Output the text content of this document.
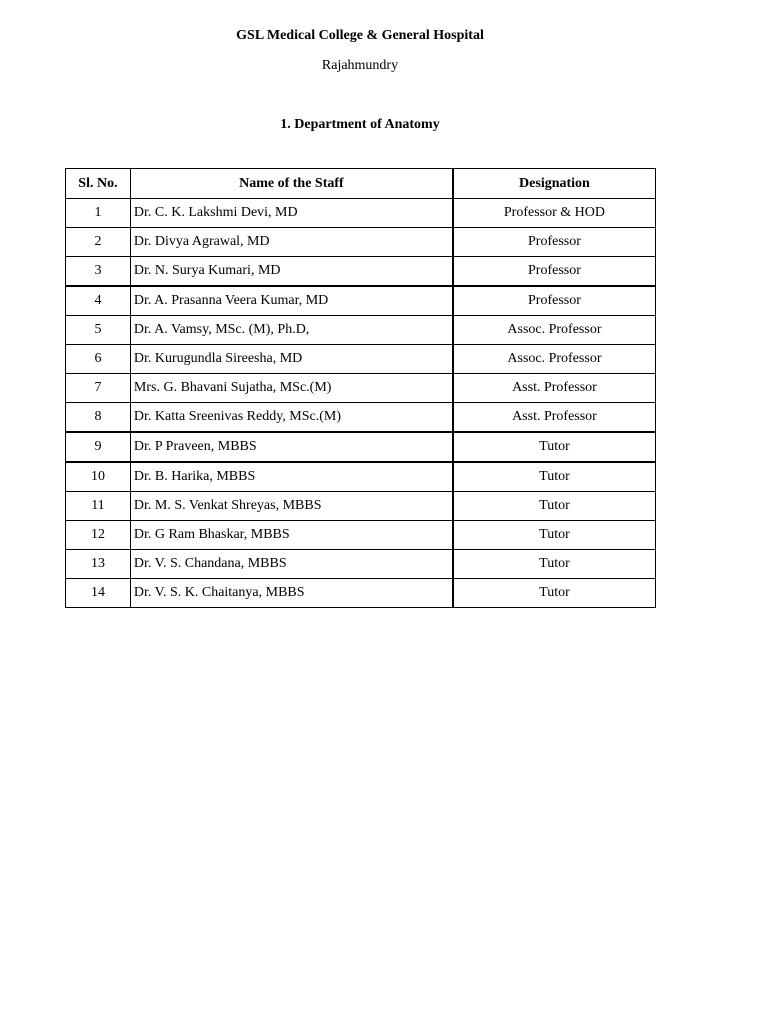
GSL Medical College & General Hospital
Rajahmundry
1. Department of Anatomy
Sl. No.	Name of the Staff	Designation
1	Dr. C. K. Lakshmi Devi, MD	Professor & HOD
2	Dr. Divya Agrawal, MD	Professor
3	Dr. N. Surya Kumari, MD	Professor
4	Dr. A. Prasanna Veera Kumar, MD	Professor
5	Dr. A. Vamsy, MSc. (M), Ph.D,	Assoc. Professor
6	Dr. Kurugundla Sireesha, MD	Assoc. Professor
7	Mrs. G. Bhavani Sujatha, MSc.(M)	Asst. Professor
8	Dr. Katta Sreenivas Reddy, MSc.(M)	Asst. Professor
9	Dr. P Praveen, MBBS	Tutor
10	Dr. B. Harika, MBBS	Tutor
11	Dr. M. S. Venkat Shreyas, MBBS	Tutor
12	Dr. G Ram Bhaskar, MBBS	Tutor
13	Dr. V. S. Chandana, MBBS	Tutor
14	Dr. V. S. K. Chaitanya, MBBS	Tutor
